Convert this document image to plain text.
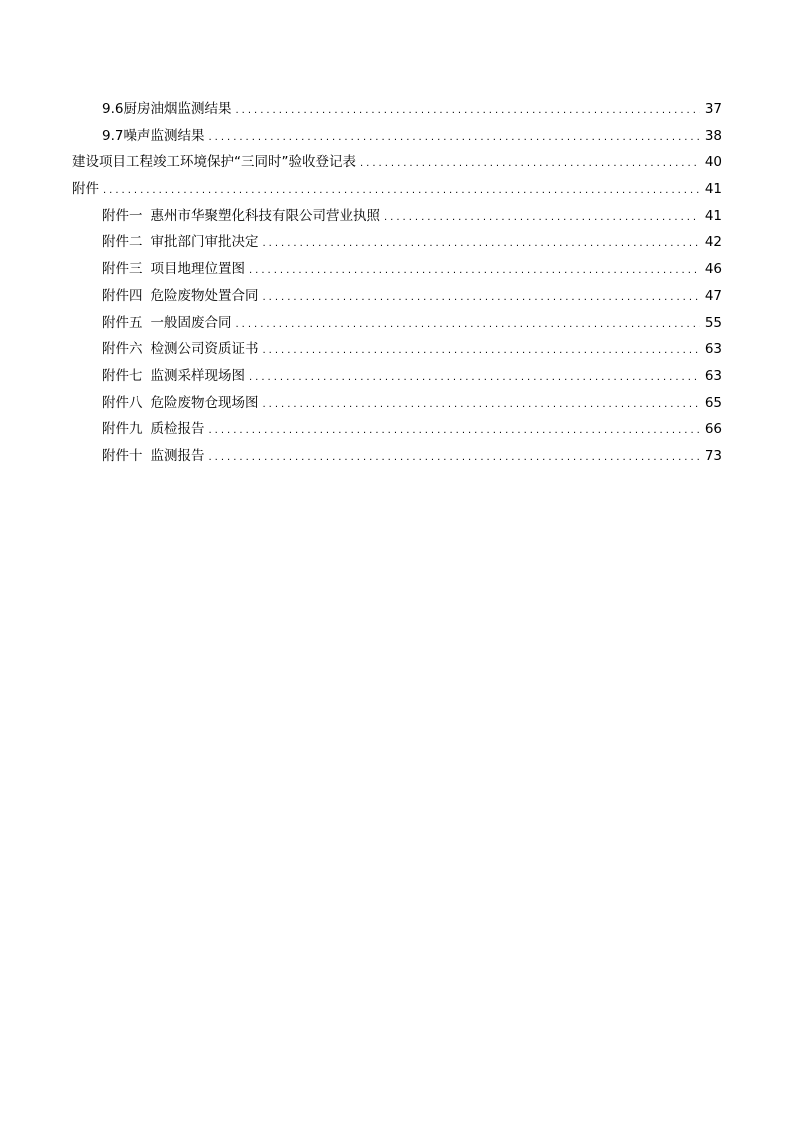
9.6厨房油烟监测结果 .....	37
9.7噪声监测结果 .....	38
建设项目工程竣工环境保护“三同时”验收登记表 .....	40
附件 .....	41
附件一 惠州市华聚塑化科技有限公司营业执照 .....	41
附件二 审批部门审批决定 .....	42
附件三 项目地理位置图 .....	46
附件四 危险废物处置合同 .....	47
附件五 一般固废合同 .....	55
附件六 检测公司资质证书 .....	63
附件七 监测采样现场图 .....	63
附件八 危险废物仓现场图 .....	65
附件九 质检报告 .....	66
附件十 监测报告 .....	73
